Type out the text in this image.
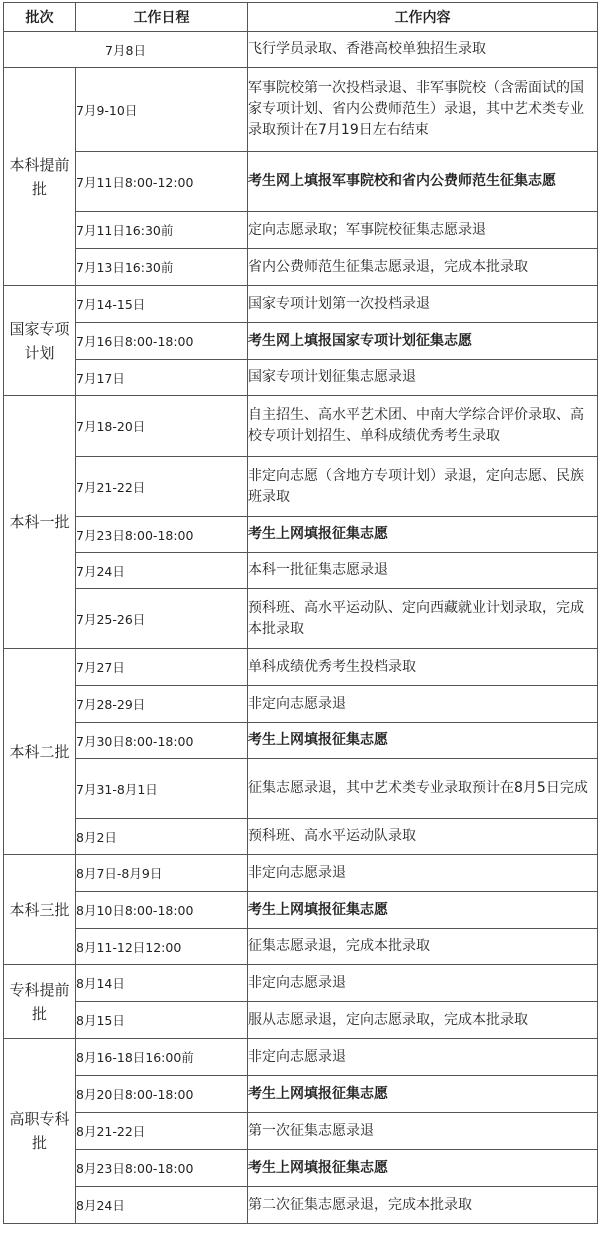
批次	工作日程	工作内容
7月8日		飞行学员录取、香港高校单独招生录取
本科提前批	7月9-10日	军事院校第一次投档录退、非军事院校（含需面试的国家专项计划、省内公费师范生）录退，其中艺术类专业录取预计在7月19日左右结束
	7月11日8:00-12:00	考生网上填报军事院校和省内公费师范生征集志愿
	7月11日16:30前	定向志愿录取；军事院校征集志愿录退
	7月13日16:30前	省内公费师范生征集志愿录退，完成本批录取
国家专项计划	7月14-15日	国家专项计划第一次投档录退
	7月16日8:00-18:00	考生网上填报国家专项计划征集志愿
	7月17日	国家专项计划征集志愿录退
本科一批	7月18-20日	自主招生、高水平艺术团、中南大学综合评价录取、高校专项计划招生、单科成绩优秀考生录取
	7月21-22日	非定向志愿（含地方专项计划）录退，定向志愿、民族班录取
	7月23日8:00-18:00	考生上网填报征集志愿
	7月24日	本科一批征集志愿录退
	7月25-26日	预科班、高水平运动队、定向西藏就业计划录取，完成本批录取
本科二批	7月27日	单科成绩优秀考生投档录取
	7月28-29日	非定向志愿录退
	7月30日8:00-18:00	考生上网填报征集志愿
	7月31-8月1日	征集志愿录退，其中艺术类专业录取预计在8月5日完成
	8月2日	预科班、高水平运动队录取
本科三批	8月7日-8月9日	非定向志愿录退
	8月10日8:00-18:00	考生上网填报征集志愿
	8月11-12日12:00	征集志愿录退，完成本批录取
专科提前批	8月14日	非定向志愿录退
	8月15日	服从志愿录退，定向志愿录取，完成本批录取
高职专科批	8月16-18日16:00前	非定向志愿录退
	8月20日8:00-18:00	考生上网填报征集志愿
	8月21-22日	第一次征集志愿录退
	8月23日8:00-18:00	考生上网填报征集志愿
	8月24日	第二次征集志愿录退，完成本批录取
